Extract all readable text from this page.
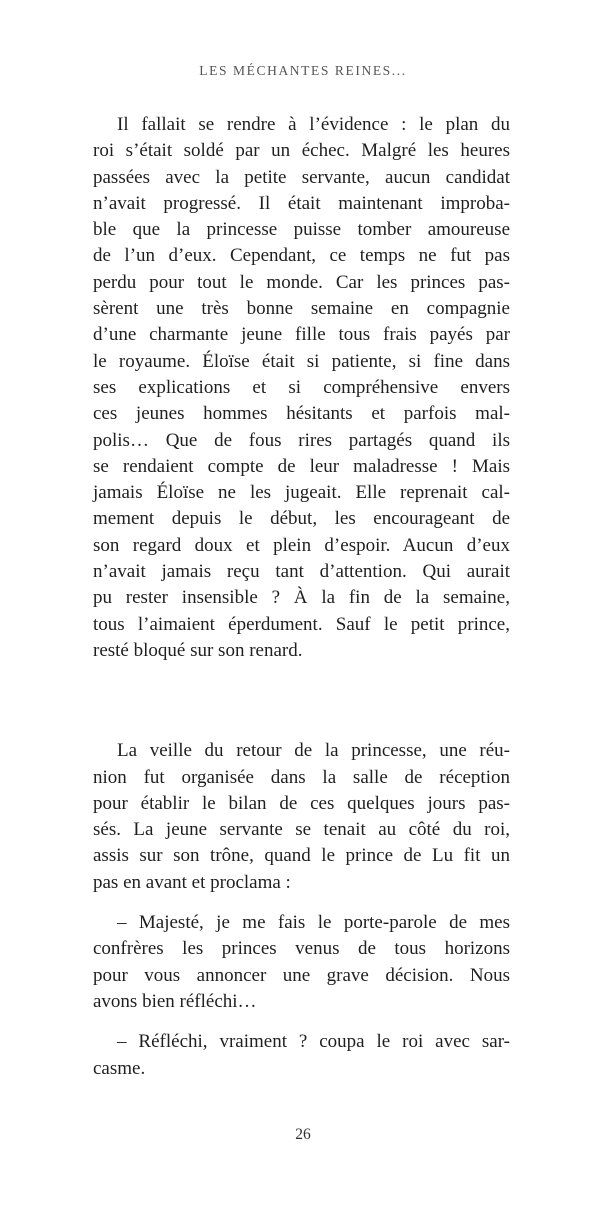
LES MÉCHANTES REINES...
Il fallait se rendre à l’évidence : le plan du
roi s’était soldé par un échec. Malgré les heures
passées avec la petite servante, aucun candidat
n’avait progressé. Il était maintenant improba-
ble que la princesse puisse tomber amoureuse
de l’un d’eux. Cependant, ce temps ne fut pas
perdu pour tout le monde. Car les princes pas-
sèrent une très bonne semaine en compagnie
d’une charmante jeune fille tous frais payés par
le royaume. Éloïse était si patiente, si fine dans
ses explications et si compréhensive envers
ces jeunes hommes hésitants et parfois mal-
polis… Que de fous rires partagés quand ils
se rendaient compte de leur maladresse ! Mais
jamais Éloïse ne les jugeait. Elle reprenait cal-
mement depuis le début, les encourageant de
son regard doux et plein d’espoir. Aucun d’eux
n’avait jamais reçu tant d’attention. Qui aurait
pu rester insensible ? À la fin de la semaine,
tous l’aimaient éperdument. Sauf le petit prince,
resté bloqué sur son renard.
La veille du retour de la princesse, une réu-
nion fut organisée dans la salle de réception
pour établir le bilan de ces quelques jours pas-
sés. La jeune servante se tenait au côté du roi,
assis sur son trône, quand le prince de Lu fit un
pas en avant et proclama :
– Majesté, je me fais le porte-parole de mes
confrères les princes venus de tous horizons
pour vous annoncer une grave décision. Nous
avons bien réfléchi…
– Réfléchi, vraiment ? coupa le roi avec sar-
casme.
26
